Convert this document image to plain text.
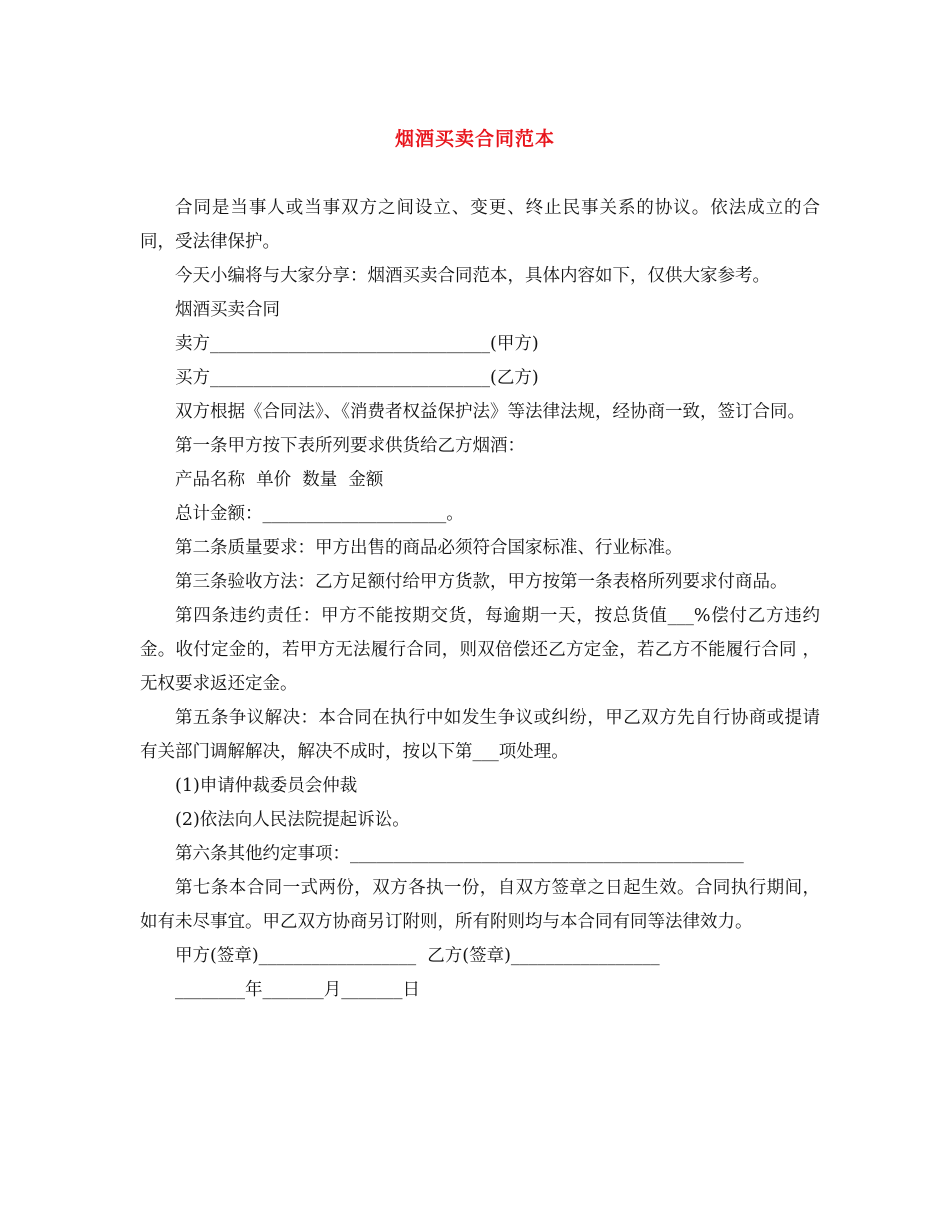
烟酒买卖合同范本

合同是当事人或当事双方之间设立、变更、终止民事关系的协议。依法成立的合同，受法律保护。

今天小编将与大家分享：烟酒买卖合同范本，具体内容如下，仅供大家参考。

烟酒买卖合同

卖方________________________________(甲方)

买方________________________________(乙方)

双方根据《合同法》、《消费者权益保护法》等法律法规，经协商一致，签订合同。

第一条甲方按下表所列要求供货给乙方烟酒：

产品名称  单价  数量  金额

总计金额：_____________________。

第二条质量要求：甲方出售的商品必须符合国家标准、行业标准。

第三条验收方法：乙方足额付给甲方货款，甲方按第一条表格所列要求付商品。

第四条违约责任：甲方不能按期交货，每逾期一天，按总货值___%偿付乙方违约金。收付定金的，若甲方无法履行合同，则双倍偿还乙方定金，若乙方不能履行合同 ，无权要求返还定金。

第五条争议解决：本合同在执行中如发生争议或纠纷，甲乙双方先自行协商或提请有关部门调解解决，解决不成时，按以下第___项处理。

(1)申请仲裁委员会仲裁

(2)依法向人民法院提起诉讼。

第六条其他约定事项：_____________________________________________

第七条本合同一式两份，双方各执一份，自双方签章之日起生效。合同执行期间，如有未尽事宜。甲乙双方协商另订附则，所有附则均与本合同有同等法律效力。

甲方(签章)__________________  乙方(签章)_________________

________年_______月_______日
